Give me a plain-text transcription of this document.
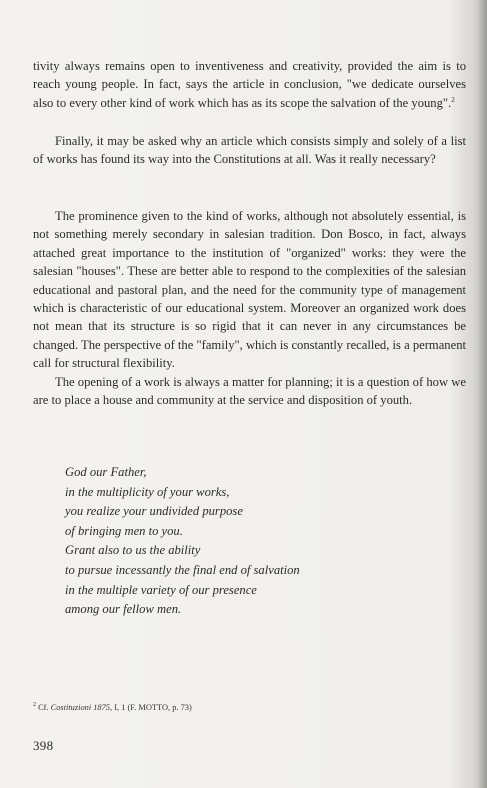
tivity always remains open to inventiveness and creativity, provided the aim is to reach young people. In fact, says the article in conclusion, "we dedicate ourselves also to every other kind of work which has as its scope the salvation of the young".$^2$

Finally, it may be asked why an article which consists simply and solely of a list of works has found its way into the Constitutions at all. Was it really necessary?

The prominence given to the kind of works, although not absolutely essential, is not something merely secondary in salesian tradition. Don Bosco, in fact, always attached great importance to the institution of "organized" works: they were the salesian "houses". These are better able to respond to the complexities of the salesian educational and pastoral plan, and the need for the community type of management which is characteristic of our educational system. Moreover an organized work does not mean that its structure is so rigid that it can never in any circumstances be changed. The perspective of the "family", which is constantly recalled, is a permanent call for structural flexibility.

The opening of a work is always a matter for planning; it is a question of how we are to place a house and community at the service and disposition of youth.

God our Father,
in the multiplicity of your works,
you realize your undivided purpose
of bringing men to you.
Grant also to us the ability
to pursue incessantly the final end of salvation
in the multiple variety of our presence
among our fellow men.
$^2$ Cf. Costituzioni 1875, I, 1 (F. MOTTO, p. 73)
398
